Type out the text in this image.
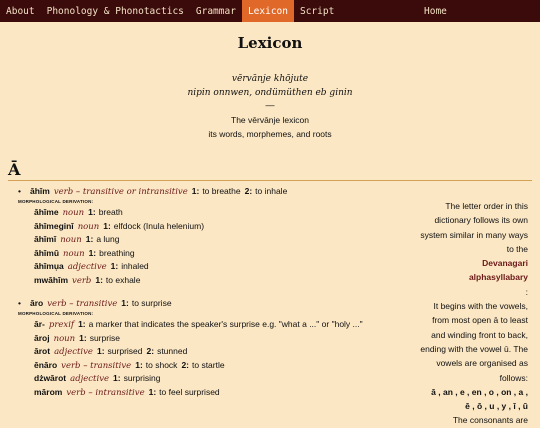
About	Phonology & Phonotactics	Grammar	Lexicon	Script	Home
Lexicon
vērvānje khōjute
nipin onnwen, ondümüthen eb ginin
—
The vērvānje lexicon
its words, morphemes, and roots
Ā
• āhīm verb – transitive or intransitive 1: to breathe 2: to inhale
MORPHOLOGICAL DERIVATION:
āhīme noun 1: breath
āhīmeginī noun 1: elfdock (Inula helenium)
āhīmī noun 1: a lung
āhīmū noun 1: breathing
āhīmụa adjective 1: inhaled
mwāhīm verb 1: to exhale
• āro verb – transitive 1: to surprise
MORPHOLOGICAL DERIVATION:
ār- prexif 1: a marker that indicates the speaker's surprise e.g. "what a ..." or "holy ..."
āroj noun 1: surprise
ārot adjective 1: surprised 2: stunned
ēnāro verb – transitive 1: to shock 2: to startle
dżwārot adjective 1: surprising
mārom verb – intransitive 1: to feel surprised
The letter order in this
dictionary follows its own
system similar in many ways
to the
Devanagari
alphasyllabary
:
It begins with the vowels,
from most open ā to least
and winding front to back,
ending with the vowel ū. The
vowels are organised as
follows:
ā , an , e , en , o , on , a ,
ē , ō , u , y , ī , ū
The consonants are
